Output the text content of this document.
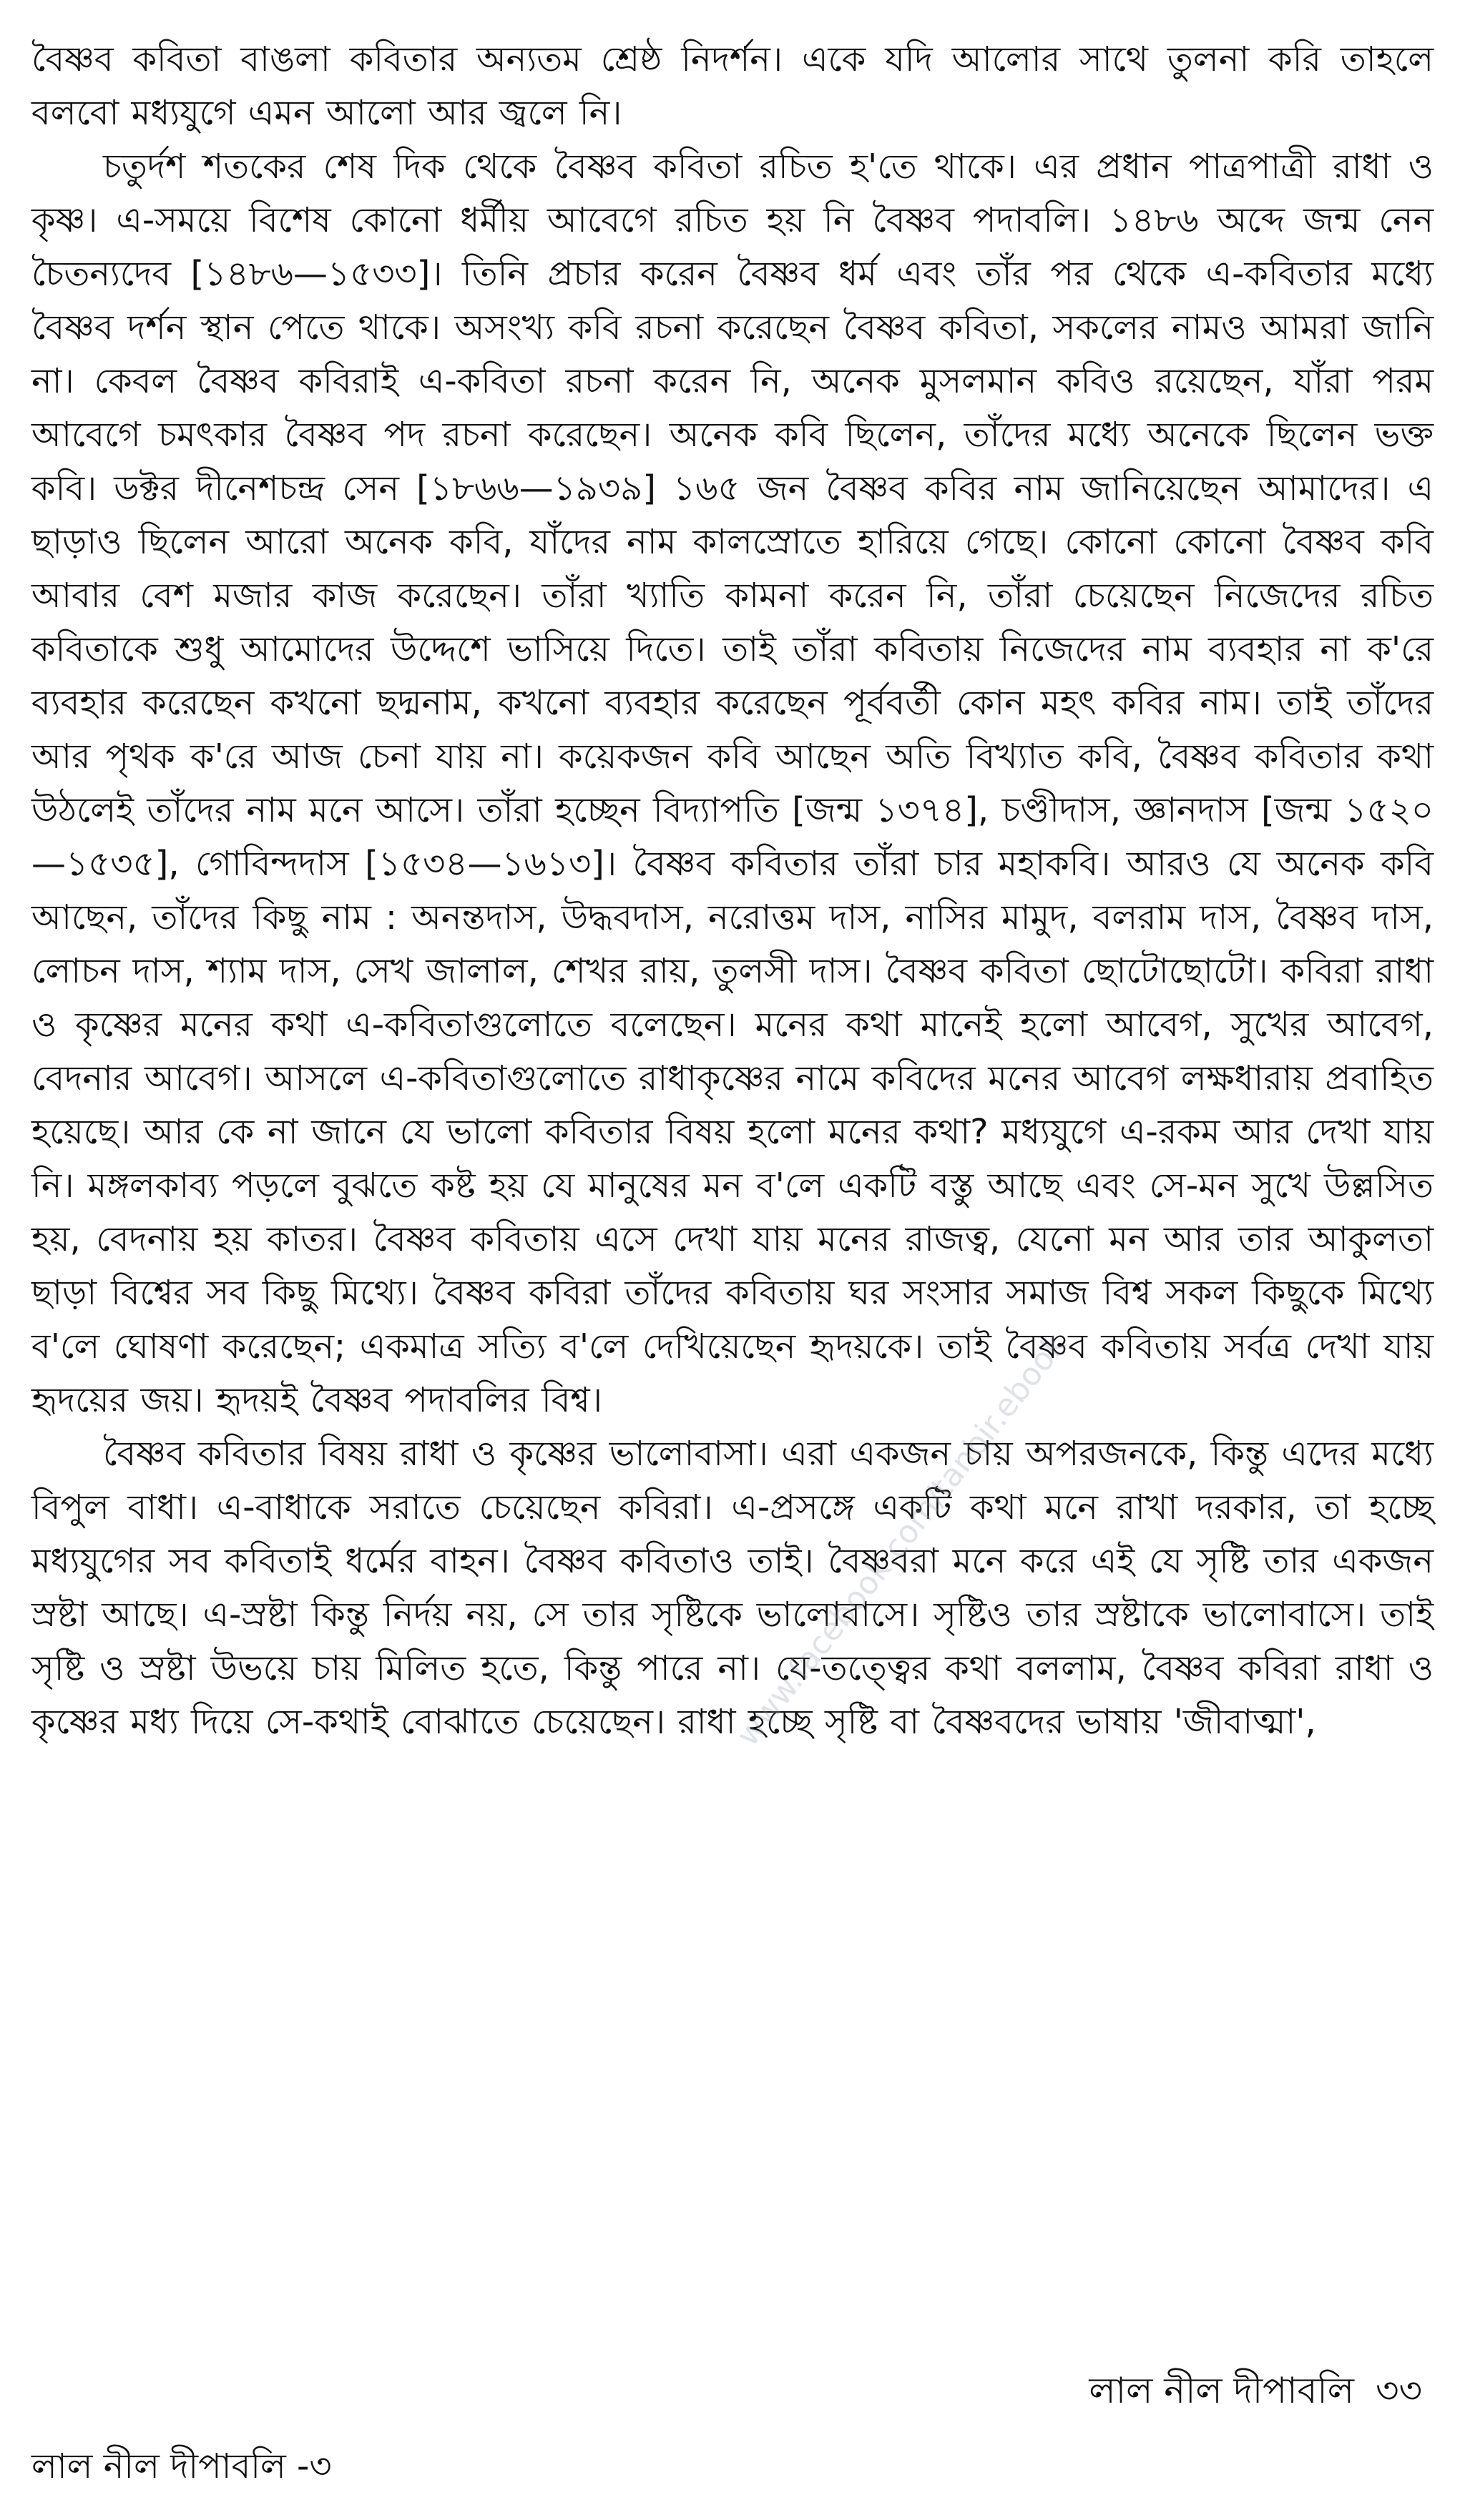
বৈষ্ণব কবিতা বাঙলা কবিতার অন্যতম শ্রেষ্ঠ নিদর্শন। একে যদি আলোর সাথে তুলনা করি তাহলে বলবো মধ্যযুগে এমন আলো আর জ্বলে নি।

চতুর্দশ শতকের শেষ দিক থেকে বৈষ্ণব কবিতা রচিত হ'তে থাকে। এর প্রধান পাত্রপাত্রী রাধা ও কৃষ্ণ। এ-সময়ে বিশেষ কোনো ধর্মীয় আবেগে রচিত হয় নি বৈষ্ণব পদাবলি। ১৪৮৬ অব্দে জন্ম নেন চৈতন্যদেব [১৪৮৬—১৫৩৩]। তিনি প্রচার করেন বৈষ্ণব ধর্ম এবং তাঁর পর থেকে এ-কবিতার মধ্যে বৈষ্ণব দর্শন স্থান পেতে থাকে। অসংখ্য কবি রচনা করেছেন বৈষ্ণব কবিতা, সকলের নামও আমরা জানি না। কেবল বৈষ্ণব কবিরাই এ-কবিতা রচনা করেন নি, অনেক মুসলমান কবিও রয়েছেন, যাঁরা পরম আবেগে চমৎকার বৈষ্ণব পদ রচনা করেছেন। অনেক কবি ছিলেন, তাঁদের মধ্যে অনেকে ছিলেন ভক্ত কবি। ডক্টর দীনেশচন্দ্র সেন [১৮৬৬—১৯৩৯] ১৬৫ জন বৈষ্ণব কবির নাম জানিয়েছেন আমাদের। এ ছাড়াও ছিলেন আরো অনেক কবি, যাঁদের নাম কালস্রোতে হারিয়ে গেছে। কোনো কোনো বৈষ্ণব কবি আবার বেশ মজার কাজ করেছেন। তাঁরা খ্যাতি কামনা করেন নি, তাঁরা চেয়েছেন নিজেদের রচিত কবিতাকে শুধু আমোদের উদ্দেশে ভাসিয়ে দিতে। তাই তাঁরা কবিতায় নিজেদের নাম ব্যবহার না ক'রে ব্যবহার করেছেন কখনো ছদ্মনাম, কখনো ব্যবহার করেছেন পূর্ববর্তী কোন মহৎ কবির নাম। তাই তাঁদের আর পৃথক ক'রে আজ চেনা যায় না। কয়েকজন কবি আছেন অতি বিখ্যাত কবি, বৈষ্ণব কবিতার কথা উঠলেই তাঁদের নাম মনে আসে। তাঁরা হচ্ছেন বিদ্যাপতি [জন্ম ১৩৭৪], চণ্ডীদাস, জ্ঞানদাস [জন্ম ১৫২০—১৫৩৫], গোবিন্দদাস [১৫৩৪—১৬১৩]। বৈষ্ণব কবিতার তাঁরা চার মহাকবি। আরও যে অনেক কবি আছেন, তাঁদের কিছু নাম : অনন্তদাস, উদ্ধবদাস, নরোত্তম দাস, নাসির মামুদ, বলরাম দাস, বৈষ্ণব দাস, লোচন দাস, শ্যাম দাস, সেখ জালাল, শেখর রায়, তুলসী দাস। বৈষ্ণব কবিতা ছোটোছোটো। কবিরা রাধা ও কৃষ্ণের মনের কথা এ-কবিতাগুলোতে বলেছেন। মনের কথা মানেই হলো আবেগ, সুখের আবেগ, বেদনার আবেগ। আসলে এ-কবিতাগুলোতে রাধাকৃষ্ণের নামে কবিদের মনের আবেগ লক্ষধারায় প্রবাহিত হয়েছে। আর কে না জানে যে ভালো কবিতার বিষয় হলো মনের কথা? মধ্যযুগে এ-রকম আর দেখা যায় নি। মঙ্গলকাব্য পড়লে বুঝতে কষ্ট হয় যে মানুষের মন ব'লে একটি বস্তু আছে এবং সে-মন সুখে উল্লসিত হয়, বেদনায় হয় কাতর। বৈষ্ণব কবিতায় এসে দেখা যায় মনের রাজত্ব, যেনো মন আর তার আকুলতা ছাড়া বিশ্বের সব কিছু মিথ্যে। বৈষ্ণব কবিরা তাঁদের কবিতায় ঘর সংসার সমাজ বিশ্ব সকল কিছুকে মিথ্যে ব'লে ঘোষণা করেছেন; একমাত্র সত্যি ব'লে দেখিয়েছেন হৃদয়কে। তাই বৈষ্ণব কবিতায় সর্বত্র দেখা যায় হৃদয়ের জয়। হৃদয়ই বৈষ্ণব পদাবলির বিশ্ব।

বৈষ্ণব কবিতার বিষয় রাধা ও কৃষ্ণের ভালোবাসা। এরা একজন চায় অপরজনকে, কিন্তু এদের মধ্যে বিপুল বাধা। এ-বাধাকে সরাতে চেয়েছেন কবিরা। এ-প্রসঙ্গে একটি কথা মনে রাখা দরকার, তা হচ্ছে মধ্যযুগের সব কবিতাই ধর্মের বাহন। বৈষ্ণব কবিতাও তাই। বৈষ্ণবরা মনে করে এই যে সৃষ্টি তার একজন স্রষ্টা আছে। এ-স্রষ্টা কিন্তু নির্দয় নয়, সে তার সৃষ্টিকে ভালোবাসে। সৃষ্টিও তার স্রষ্টাকে ভালোবাসে। তাই সৃষ্টি ও স্রষ্টা উভয়ে চায় মিলিত হতে, কিন্তু পারে না। যে-তত্ত্বের কথা বললাম, বৈষ্ণব কবিরা রাধা ও কৃষ্ণের মধ্য দিয়ে সে-কথাই বোঝাতে চেয়েছেন। রাধা হচ্ছে সৃষ্টি বা বৈষ্ণবদের ভাষায় 'জীবাত্মা',

www.facebook.com/tanbir.ebook
লাল নীল দীপাবলি ৩৩
লাল নীল দীপাবলি -৩
